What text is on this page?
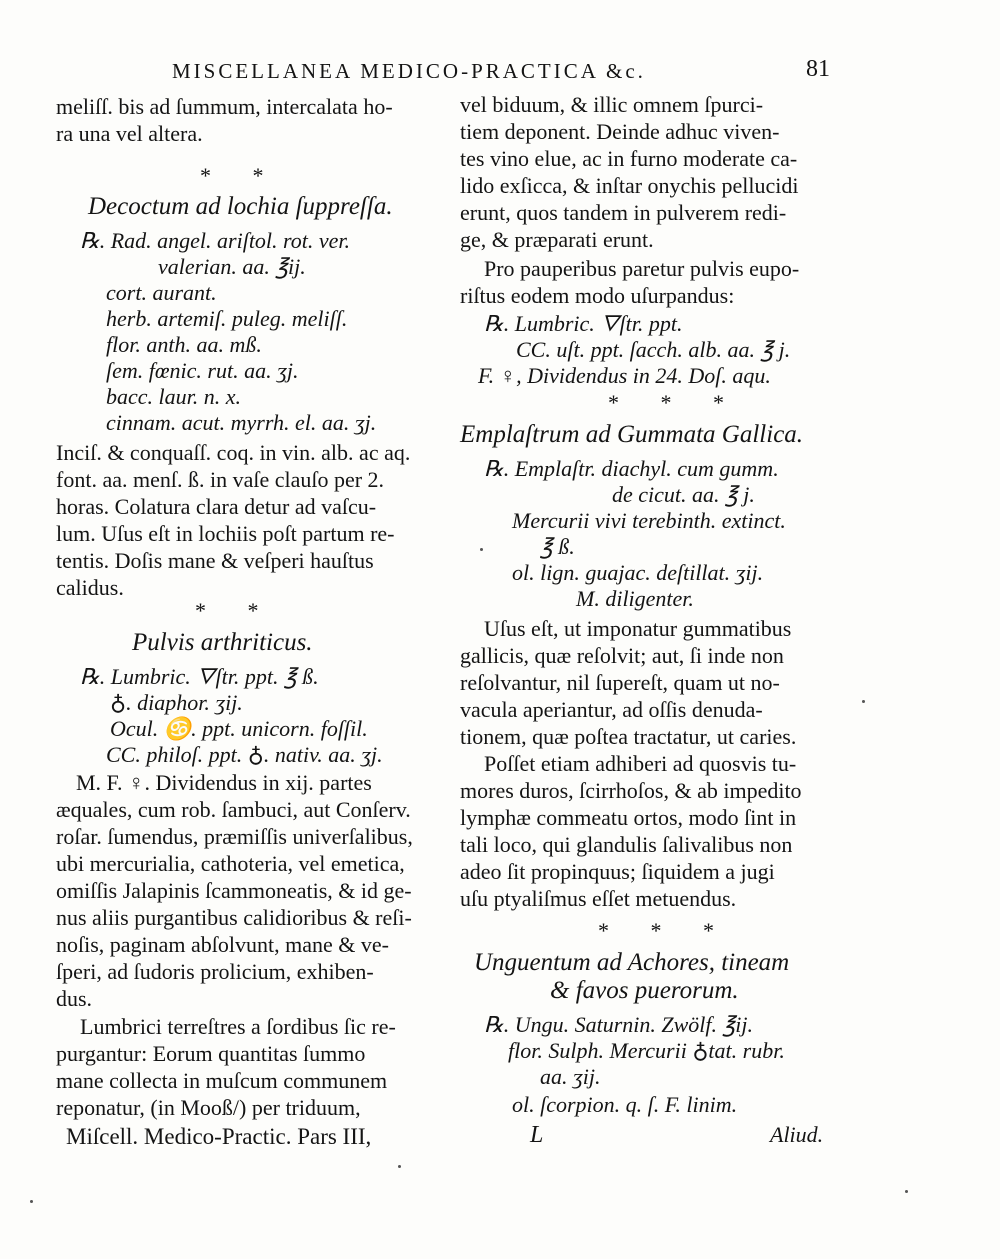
MISCELLANEA MEDICO-PRACTICA &c.	81
meliſſ. bis ad ſummum, intercalata ho-
ra una vel altera.
* *
Decoctum ad lochia ſuppreſſa.
℞. Rad. angel. ariſtol. rot. ver.
valerian. aa. ℥ij.
cort. aurant.
herb. artemiſ. puleg. meliſſ.
flor. anth. aa. mß.
ſem. fœnic. rut. aa. ʒj.
bacc. laur. n. x.
cinnam. acut. myrrh. el. aa. ʒj.
Inciſ. & conquaſſ. coq. in vin. alb. ac aq.
font. aa. menſ. ß. in vaſe clauſo per 2.
horas. Colatura clara detur ad vaſcu-
lum. Uſus eſt in lochiis poſt partum re-
tentis. Doſis mane & veſperi hauſtus
calidus.
* *
Pulvis arthriticus.
℞. Lumbric. 🜄ſtr. ppt. ℥ ß.
♁. diaphor. ʒij.
Ocul. ♋. ppt. unicorn. foſſil.
CC. philoſ. ppt. ♁. nativ. aa. ʒj.
M. F. ♀. Dividendus in xij. partes
æquales, cum rob. ſambuci, aut Conſerv.
roſar. ſumendus, præmiſſis univerſalibus,
ubi mercurialia, cathoteria, vel emetica,
omiſſis Jalapinis ſcammoneatis, & id ge-
nus aliis purgantibus calidioribus & reſi-
noſis, paginam abſolvunt, mane & ve-
ſperi, ad ſudoris prolicium, exhiben-
dus.
Lumbrici terreſtres a ſordibus ſic re-
purgantur: Eorum quantitas ſummo
mane collecta in muſcum communem
reponatur, (in Mooß/) per triduum,
Miſcell. Medico-Practic. Pars III,
vel biduum, & illic omnem ſpurci-
tiem deponent. Deinde adhuc viven-
tes vino elue, ac in furno moderate ca-
lido exſicca, & inſtar onychis pellucidi
erunt, quos tandem in pulverem redi-
ge, & præparati erunt.
Pro pauperibus paretur pulvis eupo-
riſtus eodem modo uſurpandus:
℞. Lumbric. 🜄ſtr. ppt.
CC. uſt. ppt. ſacch. alb. aa. ℥ j.
F. ♀, Dividendus in 24. Doſ. aqu.
* * *
Emplaſtrum ad Gummata Gallica.
℞. Emplaſtr. diachyl. cum gumm.
de cicut. aa. ℥ j.
Mercurii vivi terebinth. extinct.
℥ ß.
ol. lign. guajac. deſtillat. ʒij.
M. diligenter.
Uſus eſt, ut imponatur gummatibus
gallicis, quæ reſolvit; aut, ſi inde non
reſolvantur, nil ſupereſt, quam ut no-
vacula aperiantur, ad oſſis denuda-
tionem, quæ poſtea tractatur, ut caries.
Poſſet etiam adhiberi ad quosvis tu-
mores duros, ſcirrhoſos, & ab impedito
lymphæ commeatu ortos, modo ſint in
tali loco, qui glandulis ſalivalibus non
adeo ſit propinquus; ſiquidem a jugi
uſu ptyaliſmus eſſet metuendus.
* * *
Unguentum ad Achores, tineam
& favos puerorum.
℞. Ungu. Saturnin. Zwölf. ℥ij.
flor. Sulph. Mercurii ♁tat. rubr.
aa. ʒij.
ol. ſcorpion. q. ſ. F. linim.
L	Aliud.
